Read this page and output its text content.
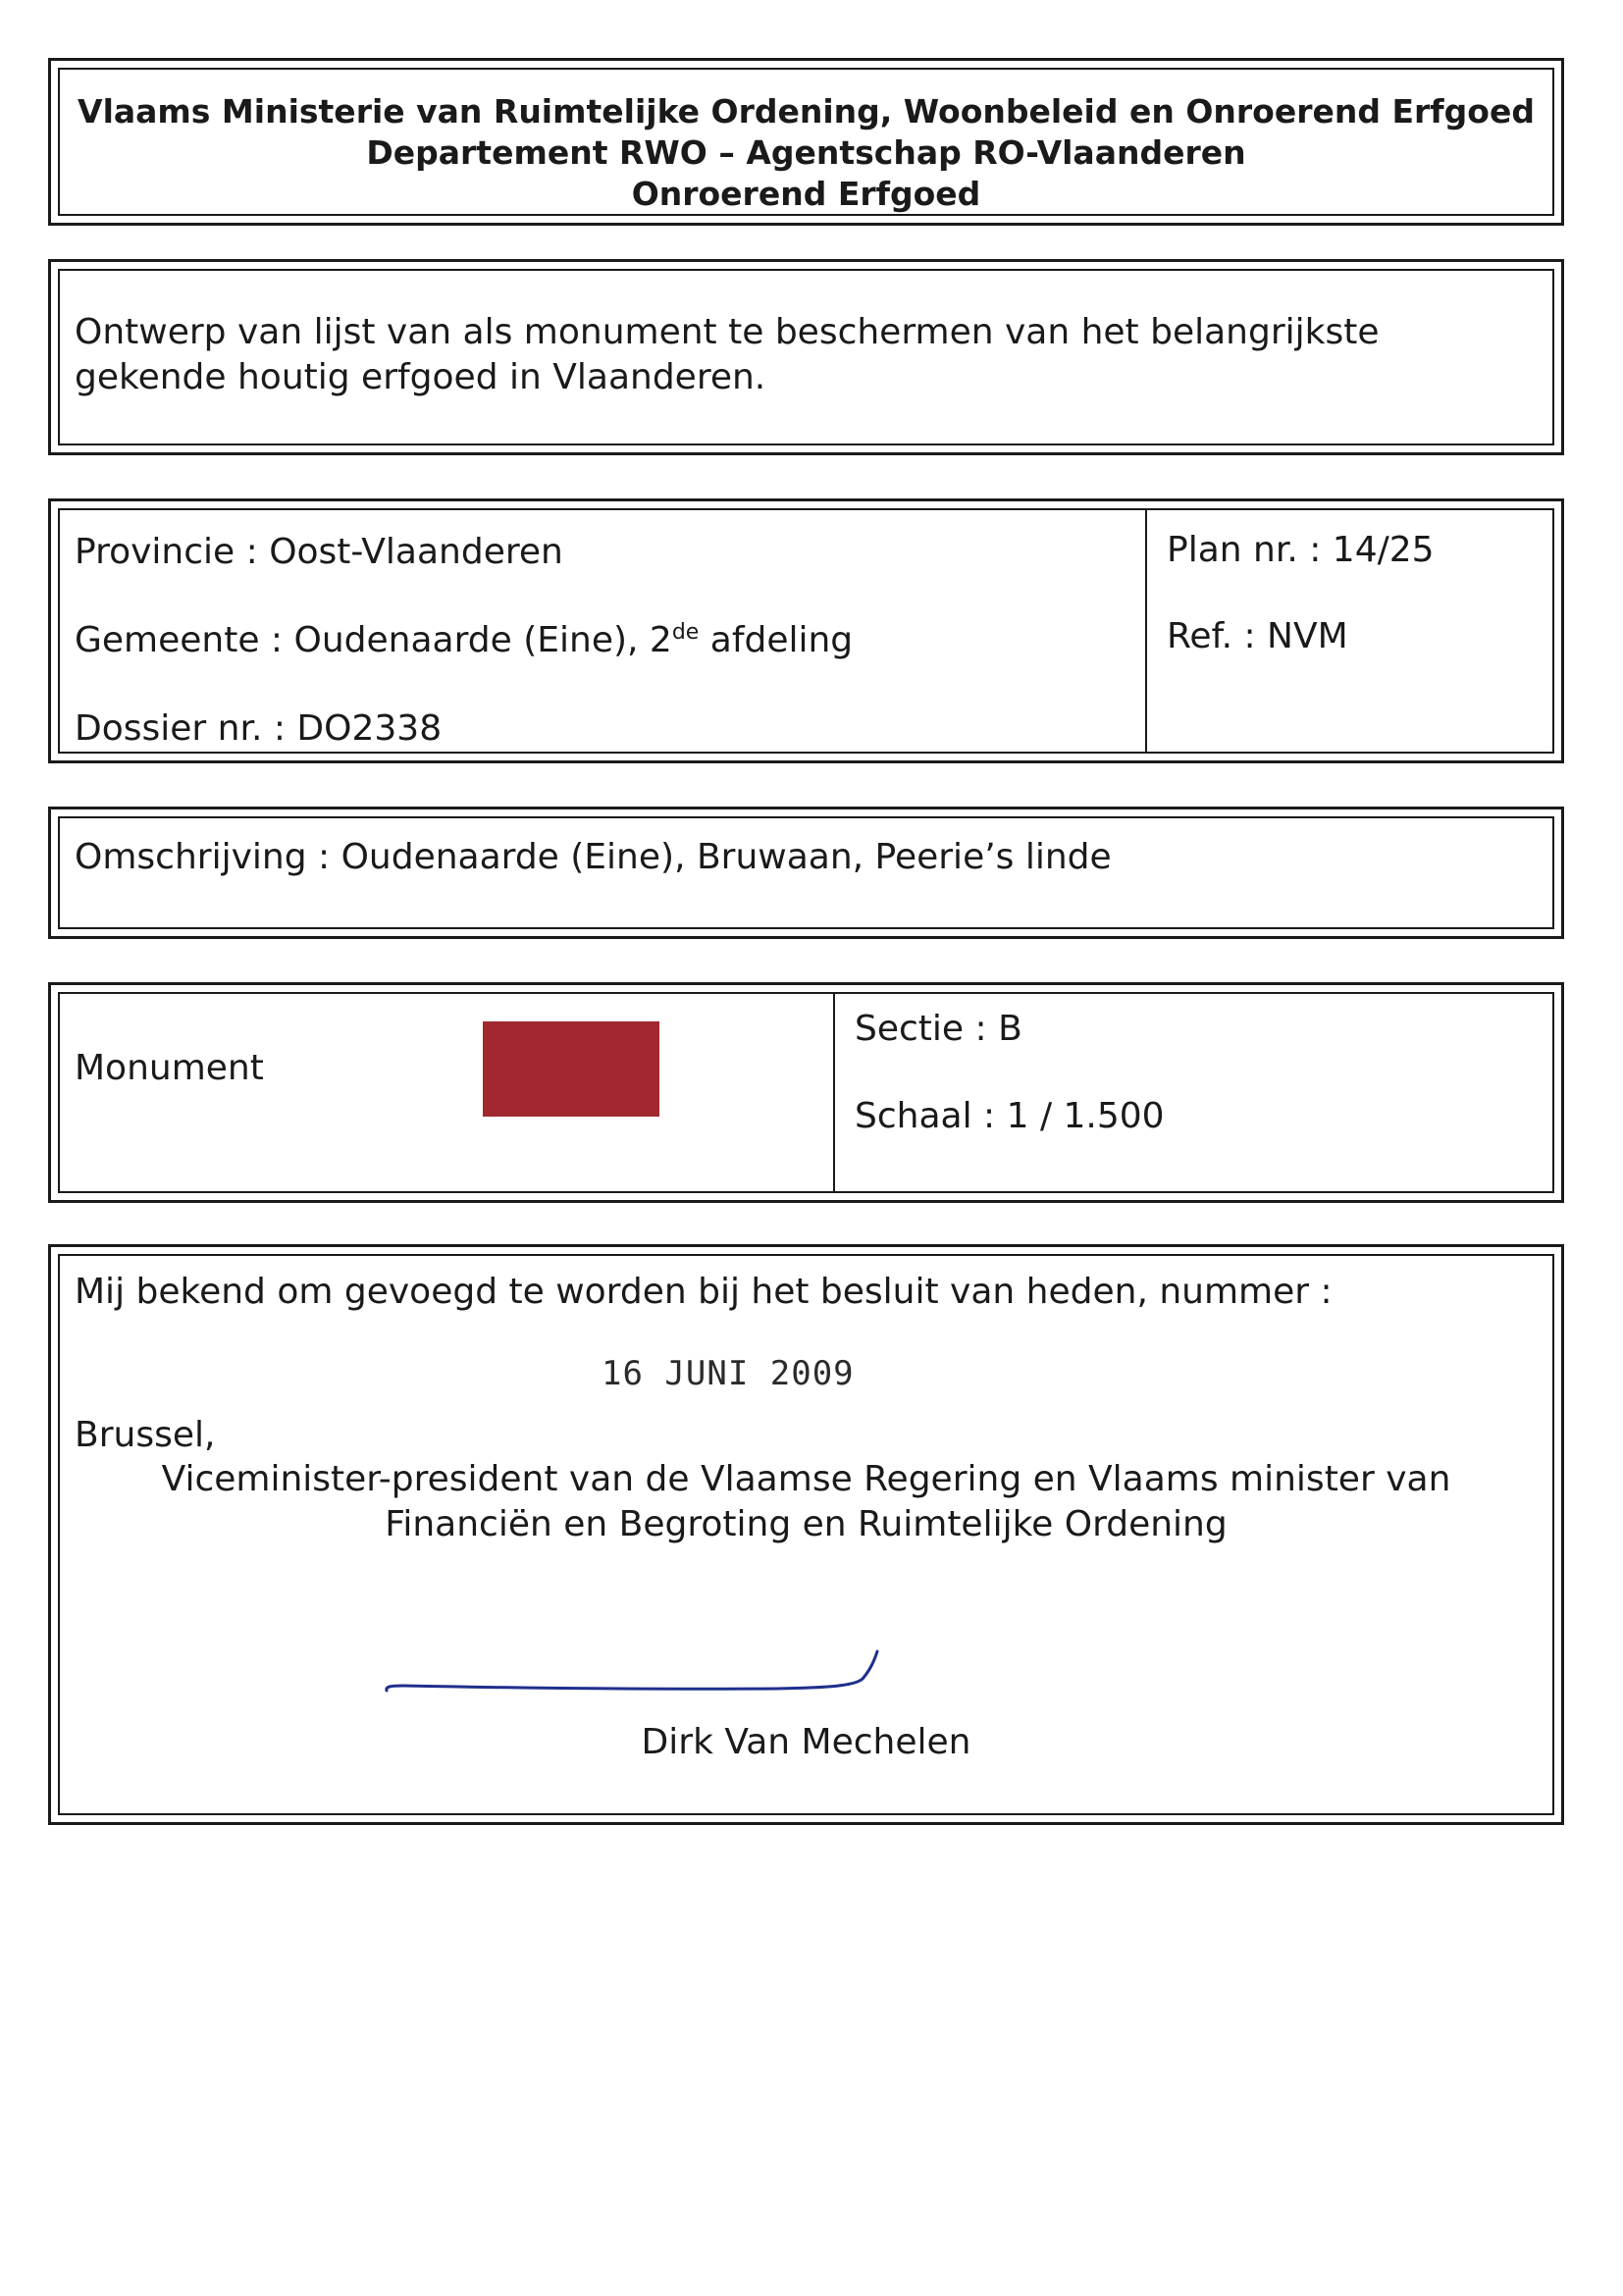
Vlaams Ministerie van Ruimtelijke Ordening, Woonbeleid en Onroerend Erfgoed
Departement RWO – Agentschap RO-Vlaanderen
Onroerend Erfgoed
Ontwerp van lijst van als monument te beschermen van het belangrijkste gekende houtig erfgoed in Vlaanderen.
Provincie : Oost-Vlaanderen
Gemeente : Oudenaarde (Eine), 2de afdeling
Dossier nr. : DO2338
Plan nr. : 14/25
Ref. : NVM
Omschrijving : Oudenaarde (Eine), Bruwaan, Peerie’s linde
Monument
Sectie : B
Schaal : 1 / 1.500
Mij bekend om gevoegd te worden bij het besluit van heden, nummer :
16 JUNI 2009
Brussel,
Viceminister-president van de Vlaamse Regering en Vlaams minister van
Financiën en Begroting en Ruimtelijke Ordening
Dirk Van Mechelen
